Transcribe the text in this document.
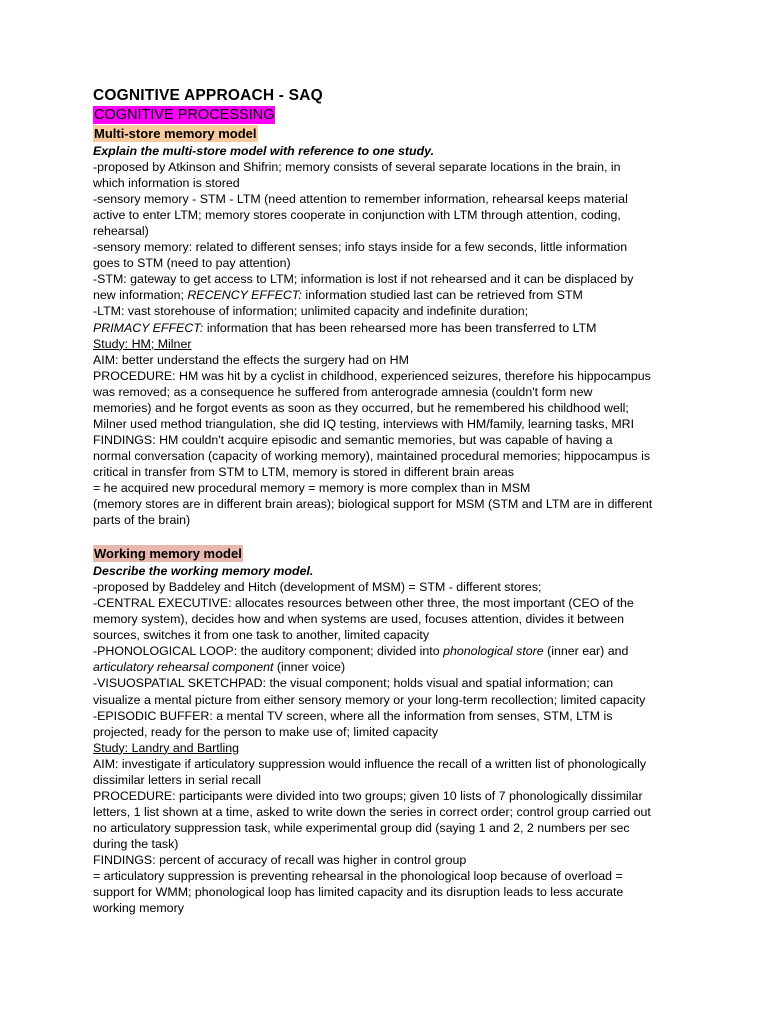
COGNITIVE APPROACH - SAQ
COGNITIVE PROCESSING
Multi-store memory model

Explain the multi-store model with reference to one study.

-proposed by Atkinson and Shifrin; memory consists of several separate locations in the brain, in

which information is stored

-sensory memory - STM - LTM (need attention to remember information, rehearsal keeps material

active to enter LTM; memory stores cooperate in conjunction with LTM through attention, coding,

rehearsal)

-sensory memory: related to different senses; info stays inside for a few seconds, little information

goes to STM (need to pay attention)

-STM: gateway to get access to LTM; information is lost if not rehearsed and it can be displaced by

new information; RECENCY EFFECT: information studied last can be retrieved from STM

-LTM: vast storehouse of information; unlimited capacity and indefinite duration;

PRIMACY EFFECT: information that has been rehearsed more has been transferred to LTM

Study: HM; Milner

AIM: better understand the effects the surgery had on HM

PROCEDURE: HM was hit by a cyclist in childhood, experienced seizures, therefore his hippocampus

was removed; as a consequence he suffered from anterograde amnesia (couldn't form new

memories) and he forgot events as soon as they occurred, but he remembered his childhood well;

Milner used method triangulation, she did IQ testing, interviews with HM/family, learning tasks, MRI

FINDINGS: HM couldn't acquire episodic and semantic memories, but was capable of having a

normal conversation (capacity of working memory), maintained procedural memories; hippocampus is

critical in transfer from STM to LTM, memory is stored in different brain areas

= he acquired new procedural memory = memory is more complex than in MSM

(memory stores are in different brain areas); biological support for MSM (STM and LTM are in different

parts of the brain)

Working memory model

Describe the working memory model.

-proposed by Baddeley and Hitch (development of MSM) = STM - different stores;

-CENTRAL EXECUTIVE: allocates resources between other three, the most important (CEO of the

memory system), decides how and when systems are used, focuses attention, divides it between

sources, switches it from one task to another, limited capacity

-PHONOLOGICAL LOOP: the auditory component; divided into phonological store (inner ear) and

articulatory rehearsal component (inner voice)

-VISUOSPATIAL SKETCHPAD: the visual component; holds visual and spatial information; can

visualize a mental picture from either sensory memory or your long-term recollection; limited capacity

-EPISODIC BUFFER: a mental TV screen, where all the information from senses, STM, LTM is

projected, ready for the person to make use of; limited capacity

Study: Landry and Bartling

AIM: investigate if articulatory suppression would influence the recall of a written list of phonologically

dissimilar letters in serial recall

PROCEDURE: participants were divided into two groups; given 10 lists of 7 phonologically dissimilar

letters, 1 list shown at a time, asked to write down the series in correct order; control group carried out

no articulatory suppression task, while experimental group did (saying 1 and 2, 2 numbers per sec

during the task)

FINDINGS: percent of accuracy of recall was higher in control group

= articulatory suppression is preventing rehearsal in the phonological loop because of overload =

support for WMM; phonological loop has limited capacity and its disruption leads to less accurate

working memory
